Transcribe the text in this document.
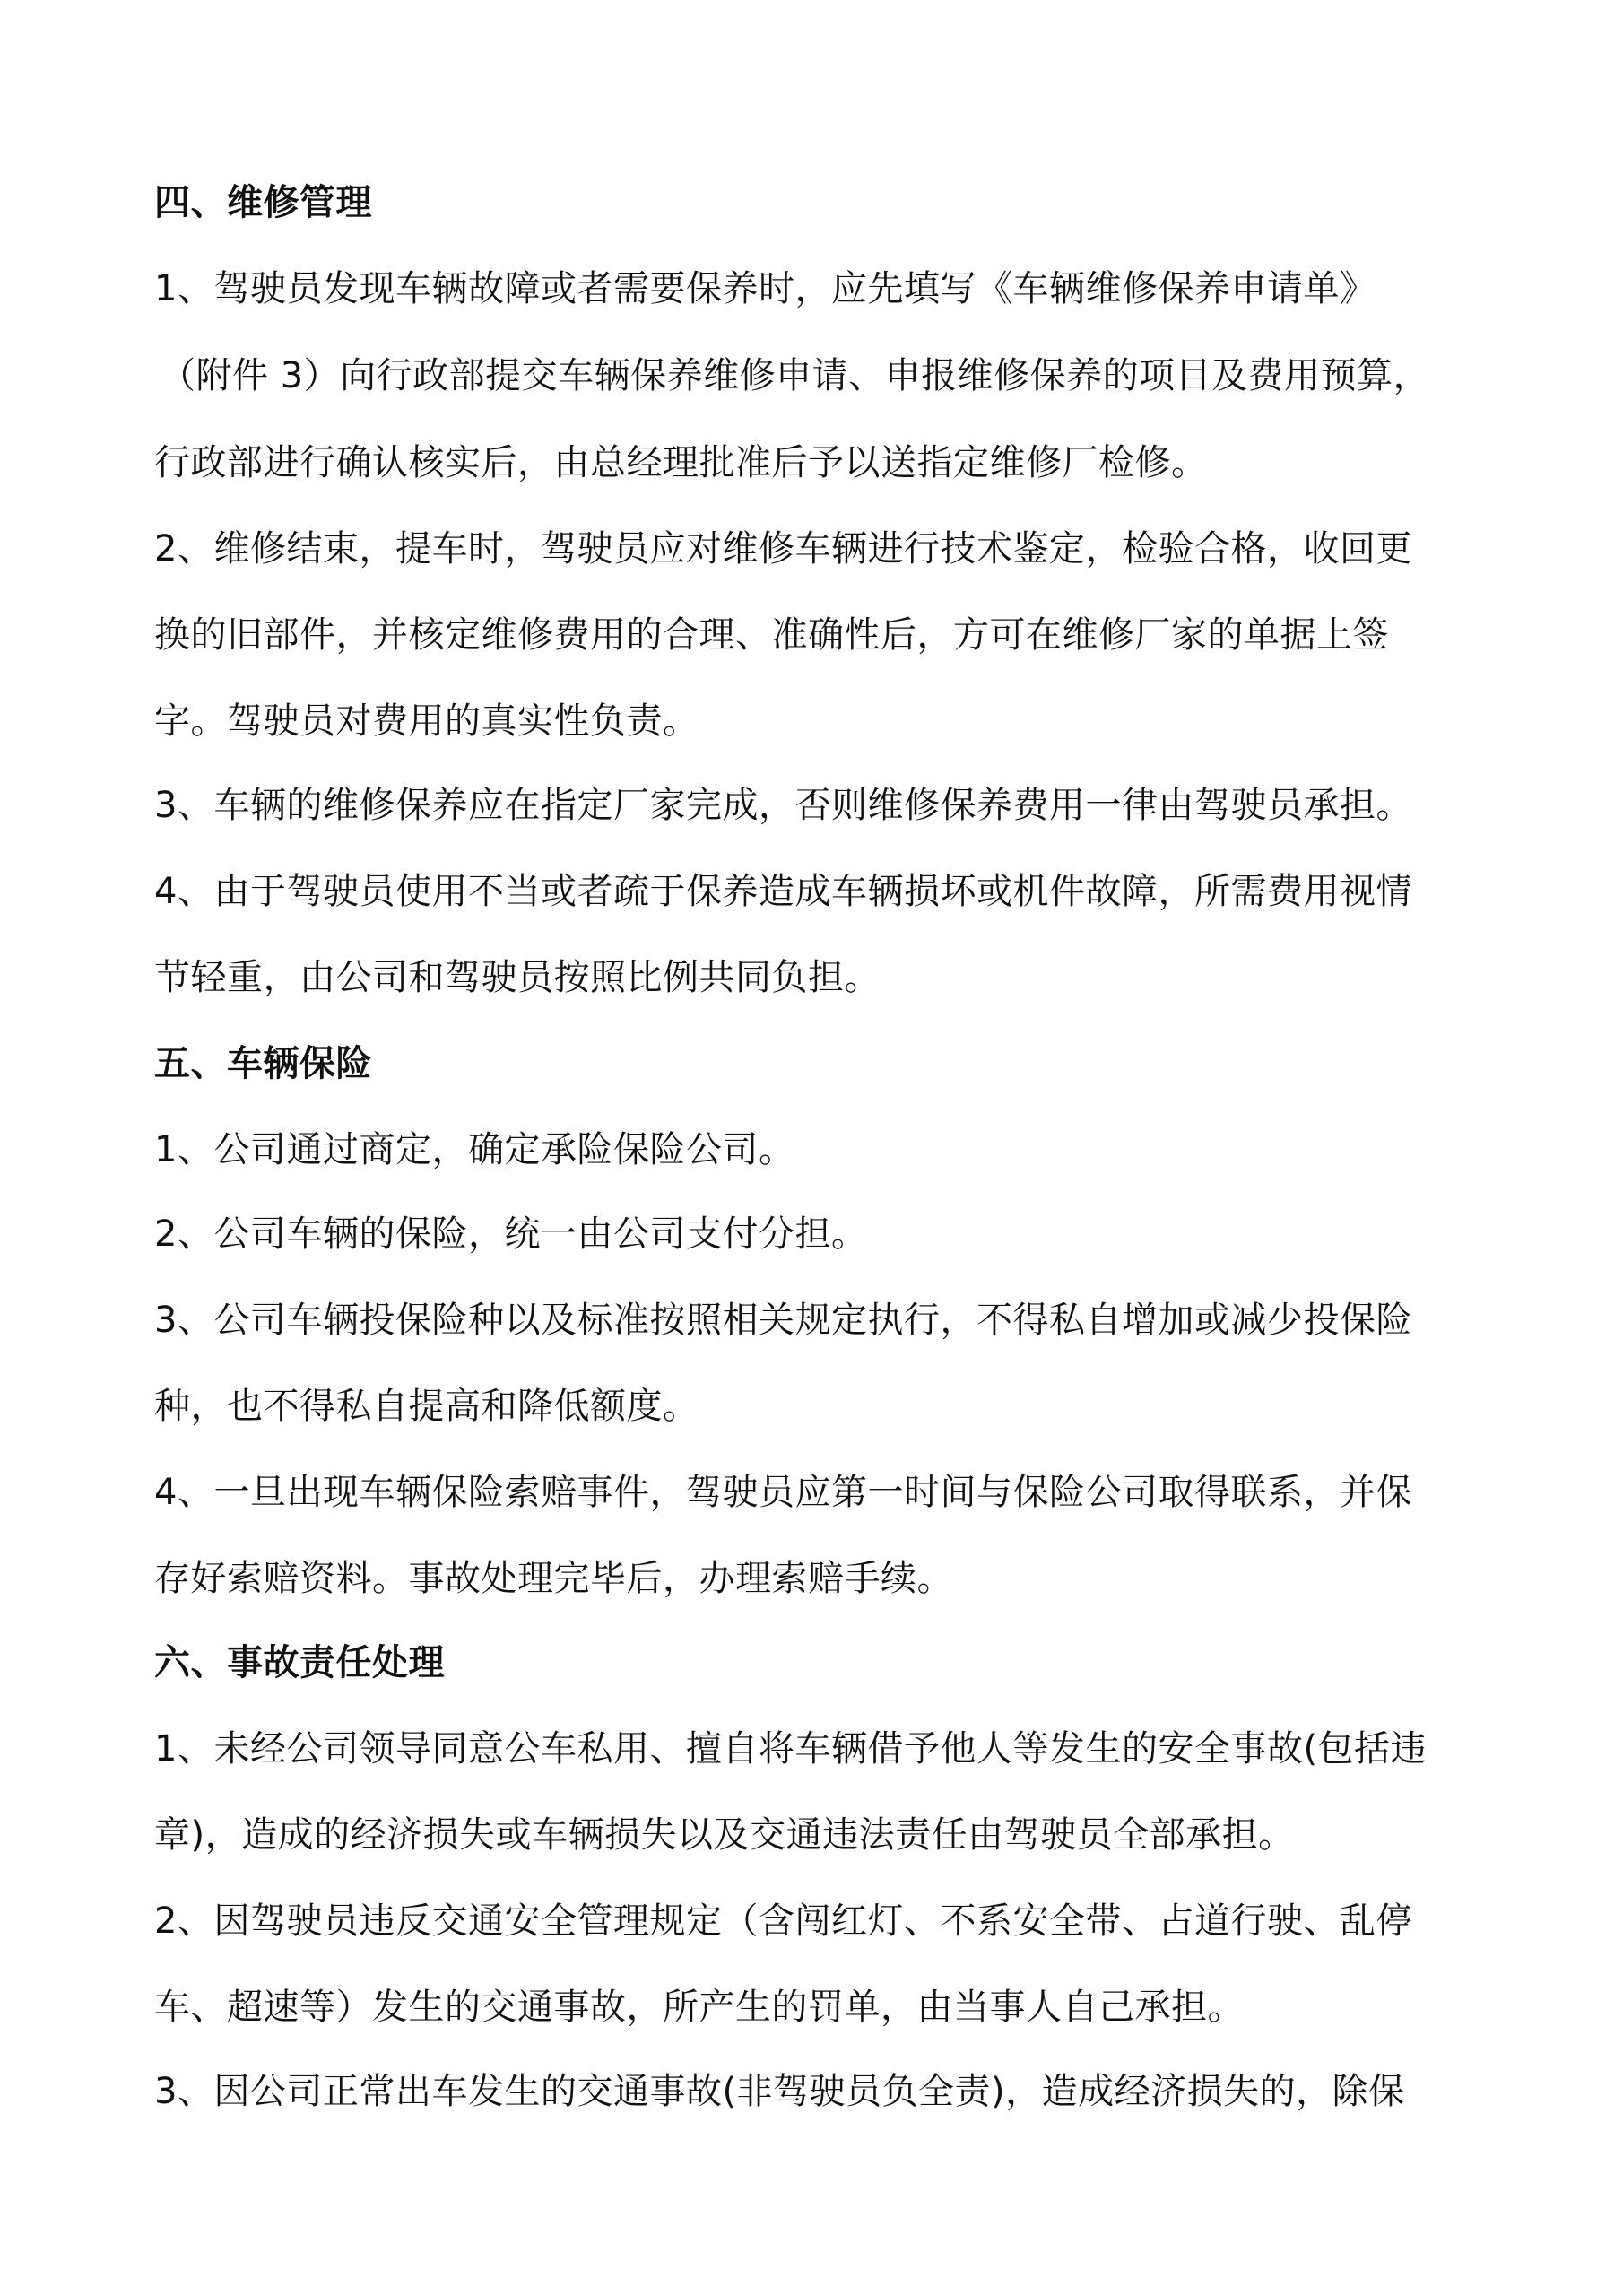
四、维修管理
1、驾驶员发现车辆故障或者需要保养时，应先填写《车辆维修保养申请单》
（附件 3）向行政部提交车辆保养维修申请、申报维修保养的项目及费用预算，
行政部进行确认核实后，由总经理批准后予以送指定维修厂检修。
2、维修结束，提车时，驾驶员应对维修车辆进行技术鉴定，检验合格，收回更
换的旧部件，并核定维修费用的合理、准确性后，方可在维修厂家的单据上签
字。驾驶员对费用的真实性负责。
3、车辆的维修保养应在指定厂家完成，否则维修保养费用一律由驾驶员承担。
4、由于驾驶员使用不当或者疏于保养造成车辆损坏或机件故障，所需费用视情
节轻重，由公司和驾驶员按照比例共同负担。
五、车辆保险
1、公司通过商定，确定承险保险公司。
2、公司车辆的保险，统一由公司支付分担。
3、公司车辆投保险种以及标准按照相关规定执行，不得私自增加或减少投保险
种，也不得私自提高和降低额度。
4、一旦出现车辆保险索赔事件，驾驶员应第一时间与保险公司取得联系，并保
存好索赔资料。事故处理完毕后，办理索赔手续。
六、事故责任处理
1、未经公司领导同意公车私用、擅自将车辆借予他人等发生的安全事故(包括违
章)，造成的经济损失或车辆损失以及交通违法责任由驾驶员全部承担。
2、因驾驶员违反交通安全管理规定（含闯红灯、不系安全带、占道行驶、乱停
车、超速等）发生的交通事故，所产生的罚单，由当事人自己承担。
3、因公司正常出车发生的交通事故(非驾驶员负全责)，造成经济损失的，除保
